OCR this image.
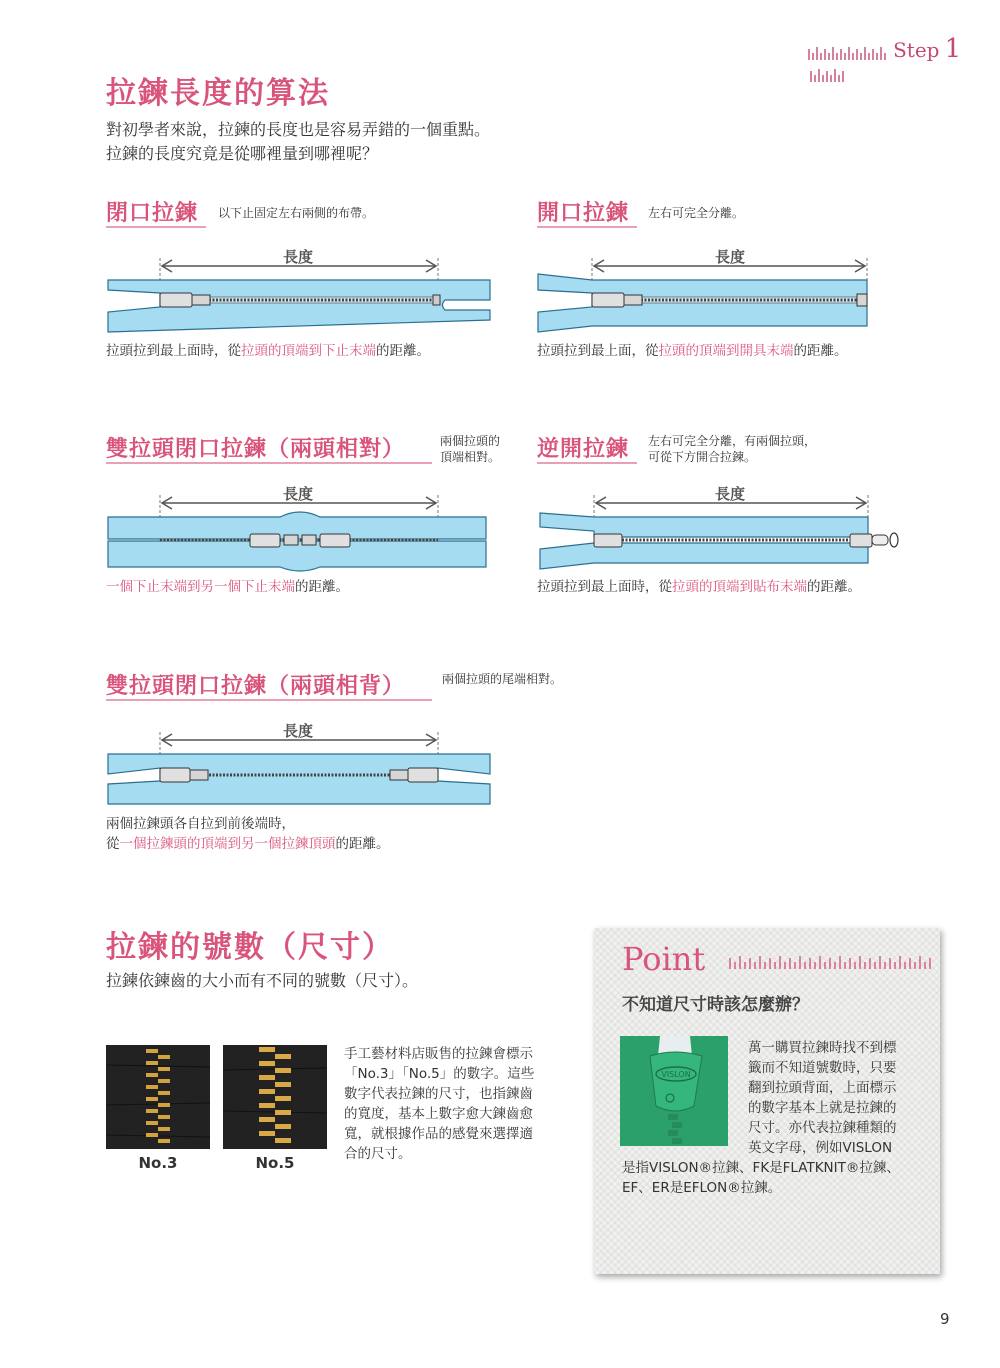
Step 1
拉鍊長度的算法
對初學者來說，拉鍊的長度也是容易弄錯的一個重點。
拉鍊的長度究竟是從哪裡量到哪裡呢？
閉口拉鍊 以下止固定左右兩側的布帶。
長度
拉頭拉到最上面時，從拉頭的頂端到下止末端的距離。
開口拉鍊 左右可完全分離。
長度
拉頭拉到最上面，從拉頭的頂端到開具末端的距離。
雙拉頭閉口拉鍊（兩頭相對）	兩個拉頭的
頂端相對。
長度
一個下止末端到另一個下止末端的距離。
逆開拉鍊 左右可完全分離，有兩個拉頭，
可從下方開合拉鍊。
長度
拉頭拉到最上面時，從拉頭的頂端到貼布末端的距離。
雙拉頭閉口拉鍊（兩頭相背）	兩個拉頭的尾端相對。
長度
兩個拉鍊頭各自拉到前後端時，
從一個拉鍊頭的頂端到另一個拉鍊頂頭的距離。
拉鍊的號數（尺寸）
拉鍊依鍊齒的大小而有不同的號數（尺寸）。
No.3	No.5
手工藝材料店販售的拉鍊會標示
「No.3」「No.5」的數字。這些
數字代表拉鍊的尺寸，也指鍊齒
的寬度，基本上數字愈大鍊齒愈
寬，就根據作品的感覺來選擇適
合的尺寸。
Point
不知道尺寸時該怎麼辦？
VISLON
萬一購買拉鍊時找不到標
籤而不知道號數時，只要
翻到拉頭背面，上面標示
的數字基本上就是拉鍊的
尺寸。亦代表拉鍊種類的
英文字母，例如VISLON
是指VISLON®拉鍊、FK是FLATKNIT®拉鍊、
EF、ER是EFLON®拉鍊。
9
